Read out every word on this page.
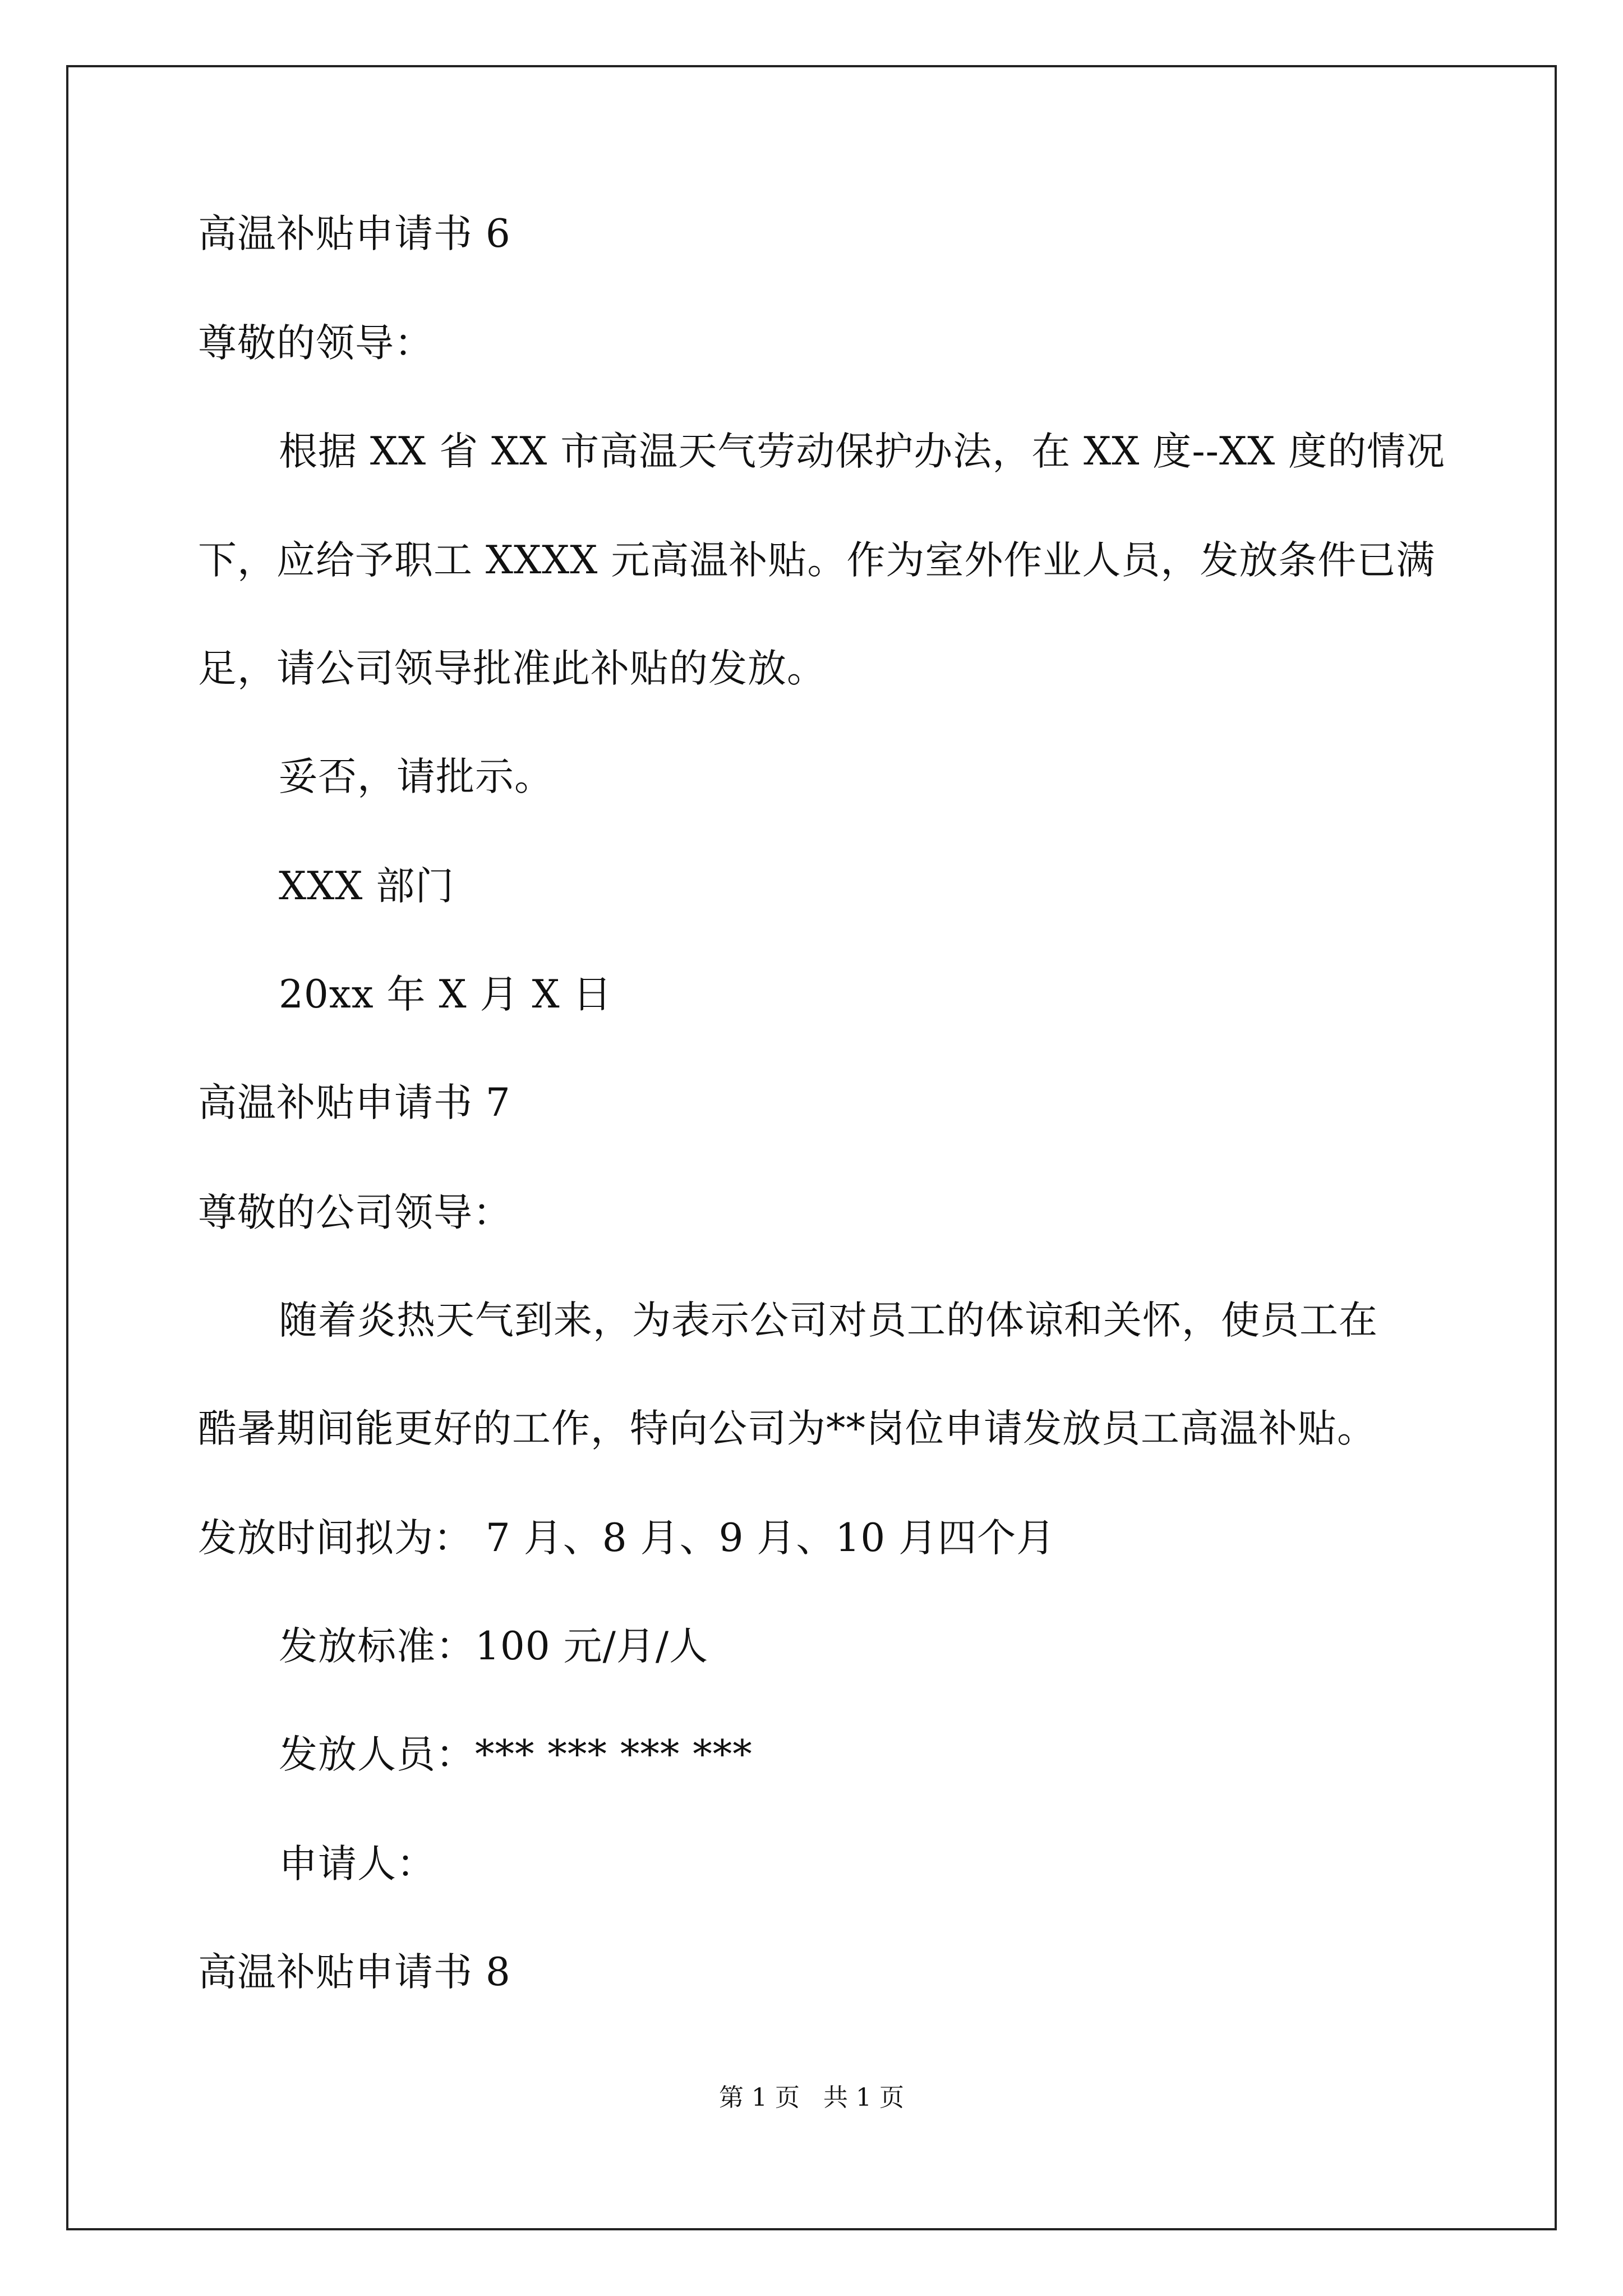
高温补贴申请书 6
尊敬的领导：
根据 XX 省 XX 市高温天气劳动保护办法，在 XX 度--XX 度的情况
下，应给予职工 XXXX 元高温补贴。作为室外作业人员，发放条件已满
足，请公司领导批准此补贴的发放。
妥否，请批示。
XXX 部门
20xx 年 X 月 X 日
高温补贴申请书 7
尊敬的公司领导：
随着炎热天气到来，为表示公司对员工的体谅和关怀，使员工在
酷暑期间能更好的工作，特向公司为**岗位申请发放员工高温补贴。
发放时间拟为： 7 月、8 月、9 月、10 月四个月
发放标准：100 元/月/人
发放人员：*** *** *** ***
申请人：
高温补贴申请书 8
第 1 页 共 1 页
